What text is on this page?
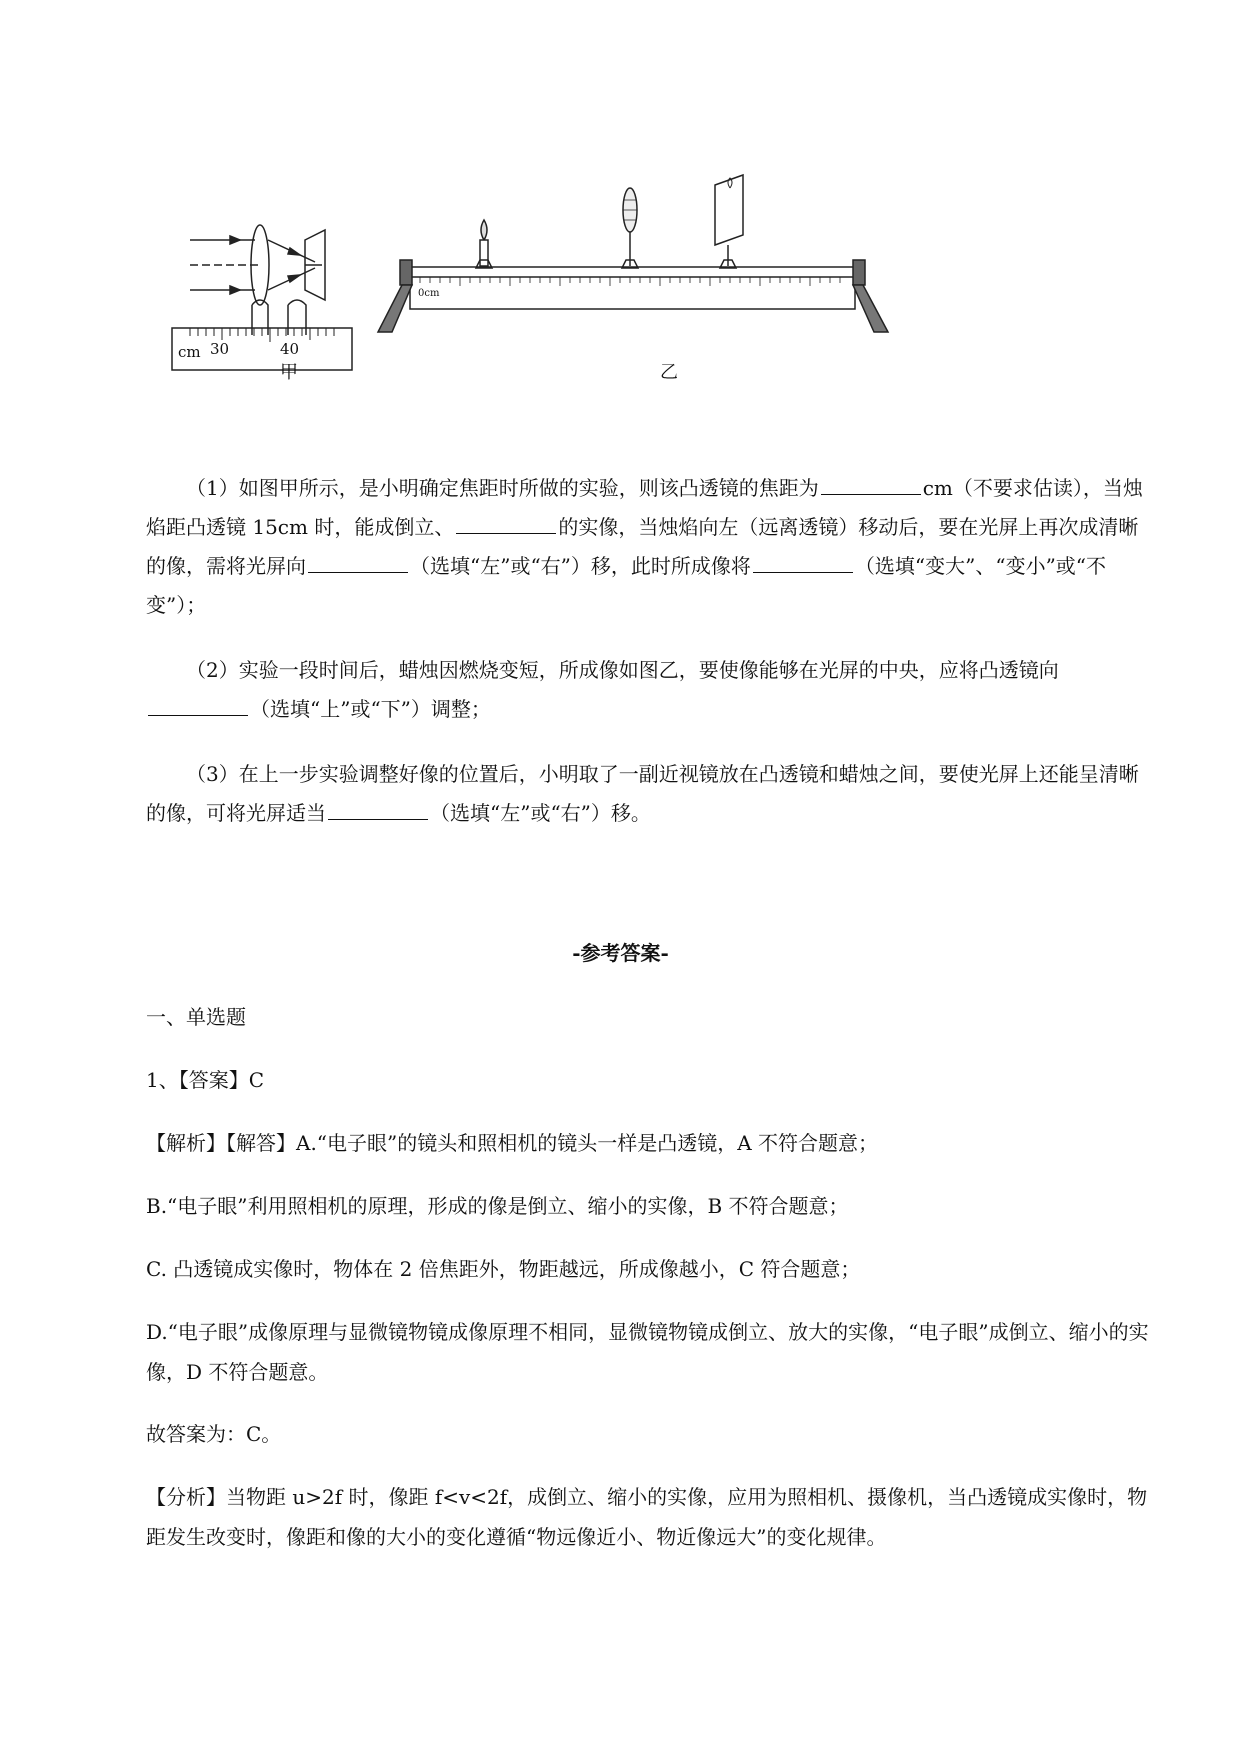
cm 30	40
0cm
甲	乙

（1）如图甲所示，是小明确定焦距时所做的实验，则该凸透镜的焦距为	cm（不要求估读），当烛焰距凸透镜 15cm 时，能成倒立、	的实像，当烛焰向左（远离透镜）移动后，要在光屏上再次成清晰的像，需将光屏向	（选填“左”或“右”）移，此时所成像将	（选填“变大”、“变小”或“不变”）；

（2）实验一段时间后，蜡烛因燃烧变短，所成像如图乙，要使像能够在光屏的中央，应将凸透镜向（选填“上”或“下”）调整；

（3）在上一步实验调整好像的位置后，小明取了一副近视镜放在凸透镜和蜡烛之间，要使光屏上还能呈清晰的像，可将光屏适当	（选填“左”或“右”）移。

-参考答案-
一、单选题
1、【答案】C
【解析】【解答】A.“电子眼”的镜头和照相机的镜头一样是凸透镜，A 不符合题意；
B.“电子眼”利用照相机的原理，形成的像是倒立、缩小的实像，B 不符合题意；
C. 凸透镜成实像时，物体在 2 倍焦距外，物距越远，所成像越小，C 符合题意；
D.“电子眼”成像原理与显微镜物镜成像原理不相同，显微镜物镜成倒立、放大的实像，“电子眼”成倒立、缩小的实像，D 不符合题意。
故答案为：C。
【分析】当物距 u>2f 时，像距 f<v<2f，成倒立、缩小的实像，应用为照相机、摄像机，当凸透镜成实像时，物距发生改变时，像距和像的大小的变化遵循“物远像近小、物近像远大”的变化规律。
